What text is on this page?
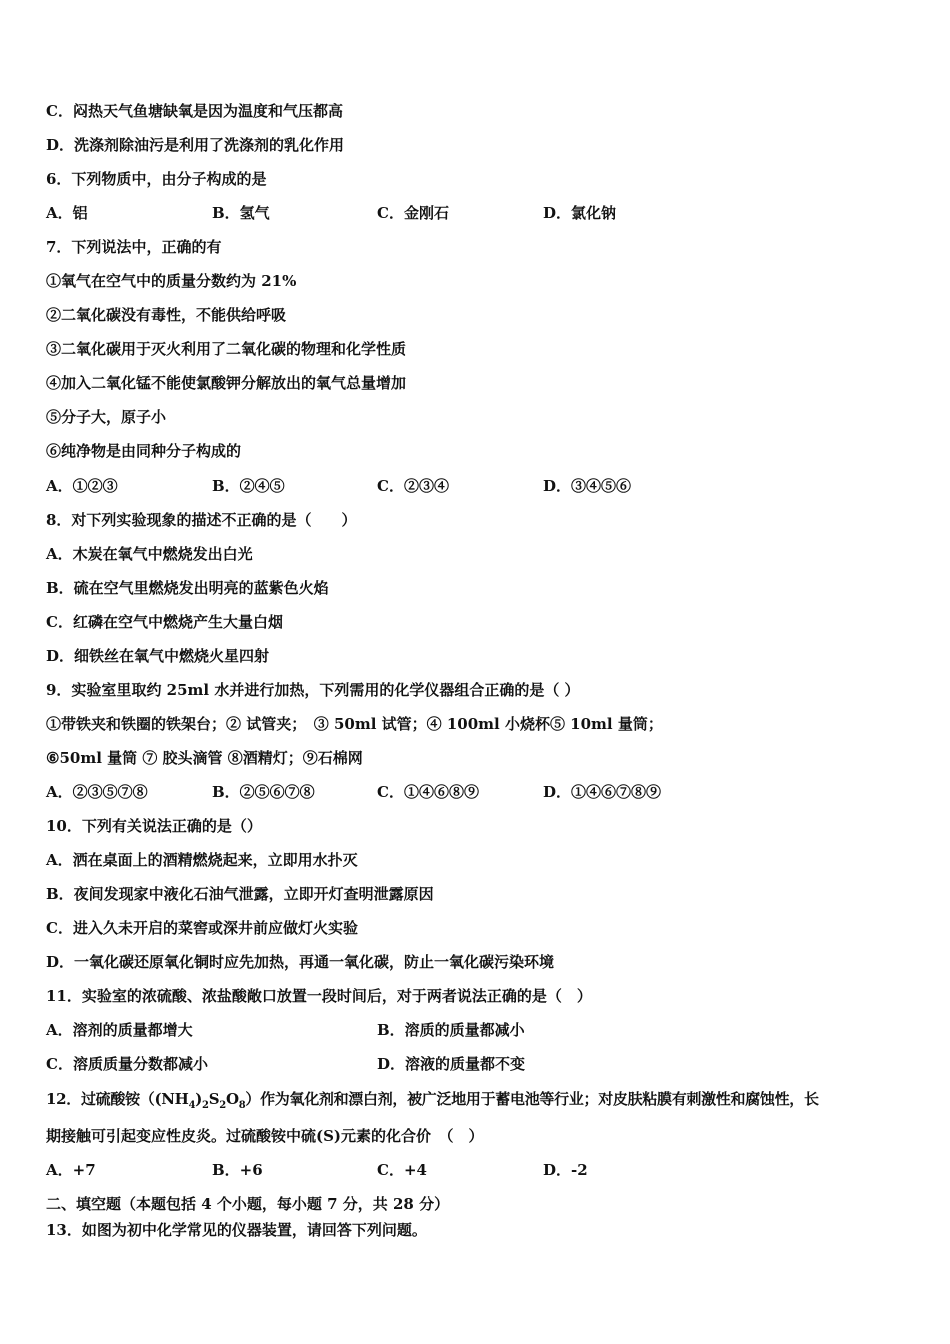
C．闷热天气鱼塘缺氧是因为温度和气压都高
D．洗涤剂除油污是利用了洗涤剂的乳化作用
6．下列物质中，由分子构成的是
A．铝	B．氢气	C．金刚石	D．氯化钠
7．下列说法中，正确的有
①氧气在空气中的质量分数约为 21%
②二氧化碳没有毒性，不能供给呼吸
③二氧化碳用于灭火利用了二氧化碳的物理和化学性质
④加入二氧化锰不能使氯酸钾分解放出的氧气总量增加
⑤分子大，原子小
⑥纯净物是由同种分子构成的
A．①②③	B．②④⑤	C．②③④	D．③④⑤⑥
8．对下列实验现象的描述不正确的是（　　）
A．木炭在氧气中燃烧发出白光
B．硫在空气里燃烧发出明亮的蓝紫色火焰
C．红磷在空气中燃烧产生大量白烟
D．细铁丝在氧气中燃烧火星四射
9．实验室里取约 25ml 水并进行加热，下列需用的化学仪器组合正确的是（ ）
①带铁夹和铁圈的铁架台；② 试管夹；　③ 50ml 试管；④ 100ml 小烧杯⑤ 10ml 量筒；
⑥50ml 量筒 ⑦ 胶头滴管 ⑧酒精灯；⑨石棉网
A．②③⑤⑦⑧	B．②⑤⑥⑦⑧	C．①④⑥⑧⑨	D．①④⑥⑦⑧⑨
10．下列有关说法正确的是（）
A．洒在桌面上的酒精燃烧起来，立即用水扑灭
B．夜间发现家中液化石油气泄露，立即开灯查明泄露原因
C．进入久未开启的菜窖或深井前应做灯火实验
D．一氧化碳还原氧化铜时应先加热，再通一氧化碳，防止一氧化碳污染环境
11．实验室的浓硫酸、浓盐酸敞口放置一段时间后，对于两者说法正确的是（　）
A．溶剂的质量都增大	B．溶质的质量都减小
C．溶质质量分数都减小	D．溶液的质量都不变
12．过硫酸铵$((NH_4)_2S_2O_8)$作为氧化剂和漂白剂，被广泛地用于蓄电池等行业；对皮肤粘膜有刺激性和腐蚀性，长
期接触可引起变应性皮炎。过硫酸铵中硫(S)元素的化合价　（　）
A．+7	B．+6	C．+4	D．-2
二、填空题（本题包括 4 个小题，每小题 7 分，共 28 分）
13．如图为初中化学常见的仪器装置，请回答下列问题。
